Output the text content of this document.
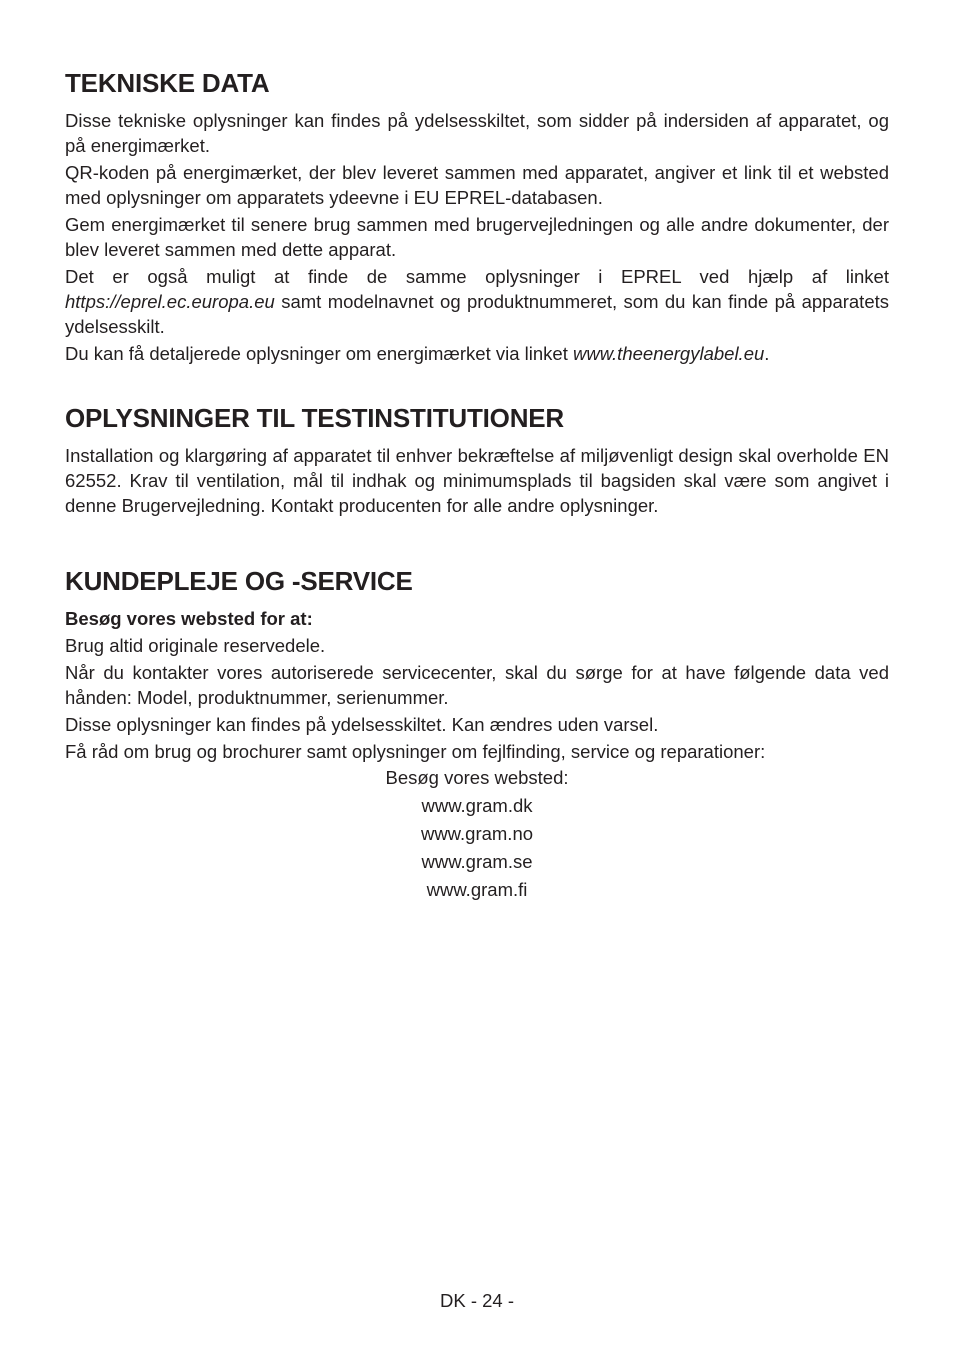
TEKNISKE DATA

Disse tekniske oplysninger kan findes på ydelsesskiltet, som sidder på indersiden af apparatet, og på energimærket.

QR-koden på energimærket, der blev leveret sammen med apparatet, angiver et link til et websted med oplysninger om apparatets ydeevne i EU EPREL-databasen.

Gem energimærket til senere brug sammen med brugervejledningen og alle andre dokumenter, der blev leveret sammen med dette apparat.

Det er også muligt at finde de samme oplysninger i EPREL ved hjælp af linket https://eprel.ec.europa.eu samt modelnavnet og produktnummeret, som du kan finde på apparatets ydelsesskilt.

Du kan få detaljerede oplysninger om energimærket via linket www.theenergylabel.eu.

OPLYSNINGER TIL TESTINSTITUTIONER

Installation og klargøring af apparatet til enhver bekræftelse af miljøvenligt design skal overholde EN 62552. Krav til ventilation, mål til indhak og minimumsplads til bagsiden skal være som angivet i denne Brugervejledning. Kontakt producenten for alle andre oplysninger.

KUNDEPLEJE OG -SERVICE

Besøg vores websted for at:

Brug altid originale reservedele.

Når du kontakter vores autoriserede servicecenter, skal du sørge for at have følgende data ved hånden: Model, produktnummer, serienummer.

Disse oplysninger kan findes på ydelsesskiltet. Kan ændres uden varsel.

Få råd om brug og brochurer samt oplysninger om fejlfinding, service og reparationer:

Besøg vores websted:

www.gram.dk

www.gram.no

www.gram.se

www.gram.fi

DK - 24 -
